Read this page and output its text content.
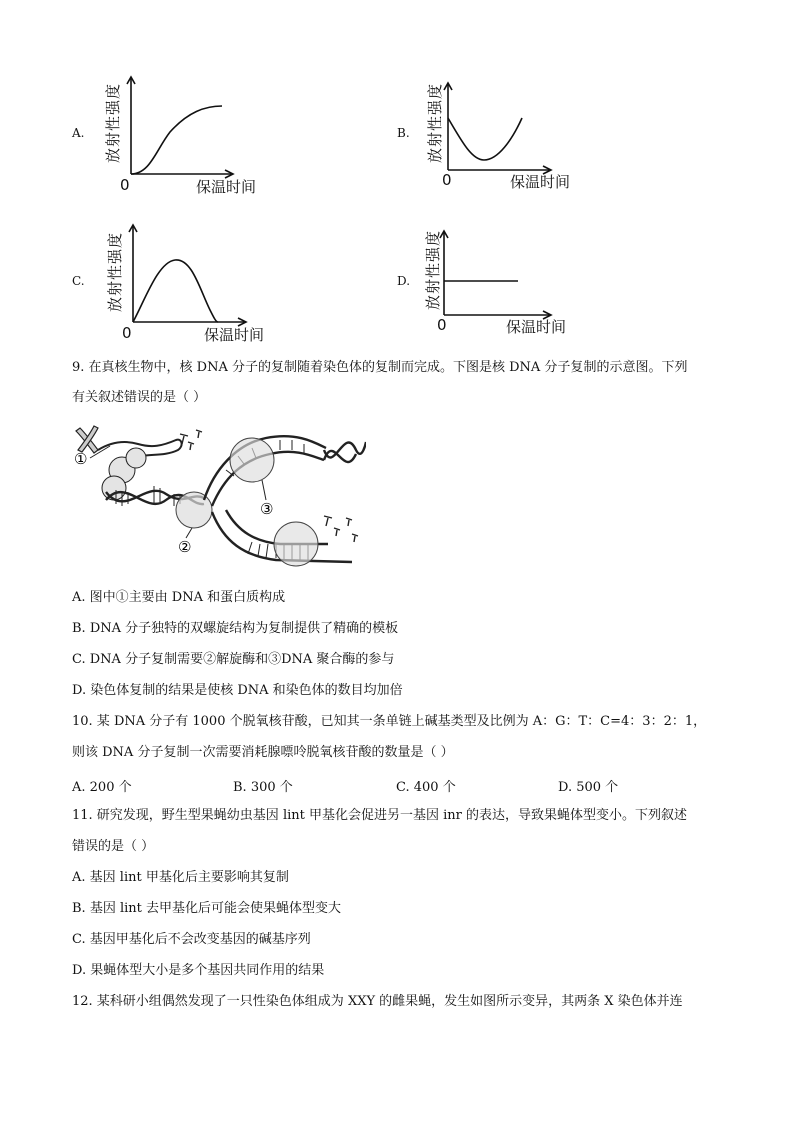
A. 放射性强度
0	保温时间
B. 放射性强度
0	保温时间
C. 放射性强度
0	保温时间
D. 放射性强度
0	保温时间
9. 在真核生物中，核 DNA 分子的复制随着染色体的复制而完成。下图是核 DNA 分子复制的示意图。下列
有关叙述错误的是（ ）
①
②
③
A. 图中①主要由 DNA 和蛋白质构成
B. DNA 分子独特的双螺旋结构为复制提供了精确的模板
C. DNA 分子复制需要②解旋酶和③DNA 聚合酶的参与
D. 染色体复制的结果是使核 DNA 和染色体的数目均加倍
10. 某 DNA 分子有 1000 个脱氧核苷酸，已知其一条单链上碱基类型及比例为 A：G：T：C=4：3：2：1，
则该 DNA 分子复制一次需要消耗腺嘌呤脱氧核苷酸的数量是（ ）
A. 200 个	B. 300 个	C. 400 个	D. 500 个
11. 研究发现，野生型果蝇幼虫基因 lint 甲基化会促进另一基因 inr 的表达，导致果蝇体型变小。下列叙述
错误的是（ ）
A. 基因 lint 甲基化后主要影响其复制
B. 基因 lint 去甲基化后可能会使果蝇体型变大
C. 基因甲基化后不会改变基因的碱基序列
D. 果蝇体型大小是多个基因共同作用的结果
12. 某科研小组偶然发现了一只性染色体组成为 XXY 的雌果蝇，发生如图所示变异，其两条 X 染色体并连
